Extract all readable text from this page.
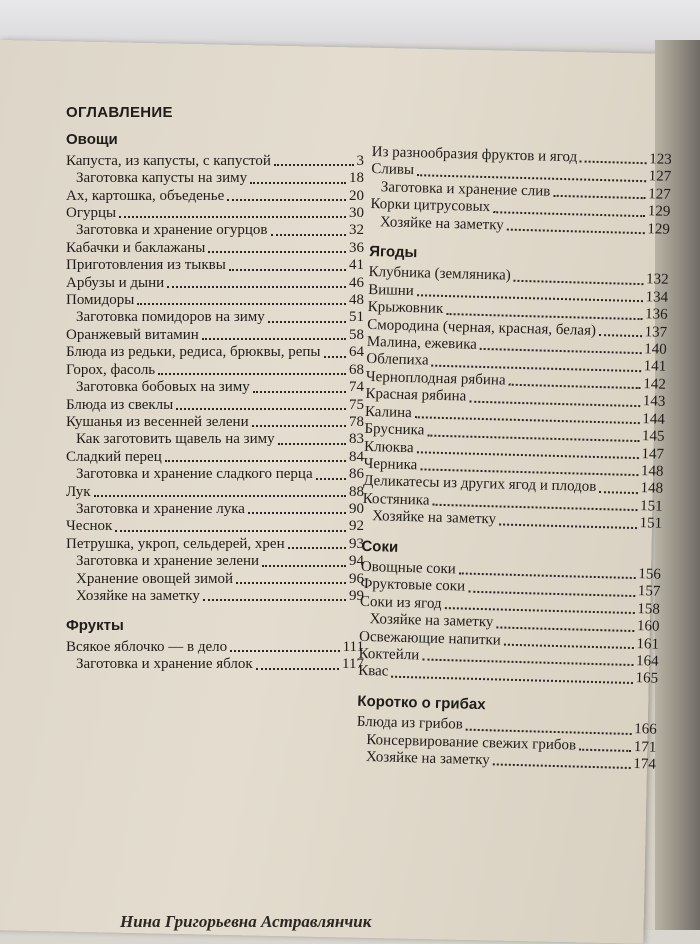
ОГЛАВЛЕНИЕ
Овощи
Капуста, из капусты, с капустой	3
Заготовка капусты на зиму	18
Ах, картошка, объеденье	20
Огурцы	30
Заготовка и хранение огурцов	32
Кабачки и баклажаны	36
Приготовления из тыквы	41
Арбузы и дыни	46
Помидоры	48
Заготовка помидоров на зиму	51
Оранжевый витамин	58
Блюда из редьки, редиса, брюквы, репы 64
Горох, фасоль	68
Заготовка бобовых на зиму	74
Блюда из свеклы	75
Кушанья из весенней зелени	78
Как заготовить щавель на зиму	83
Сладкий перец	84
Заготовка и хранение сладкого перца 86
Лук	88
Заготовка и хранение лука	90
Чеснок	92
Петрушка, укроп, сельдерей, хрен	93
Заготовка и хранение зелени	94
Хранение овощей зимой	96
Хозяйке на заметку	99
Фрукты
Всякое яблочко — в дело	111
Заготовка и хранение яблок	117
Из разнообразия фруктов и ягод	123
Сливы	127
Заготовка и хранение слив	127
Корки цитрусовых	129
Хозяйке на заметку	129
Ягоды
Клубника (земляника)	132
Вишни	134
Крыжовник	136
Смородина (черная, красная, белая)	137
Малина, ежевика	140
Облепиха	141
Черноплодная рябина	142
Красная рябина	143
Калина	144
Брусника	145
Клюква	147
Черника	148
Деликатесы из других ягод и плодов	148
Костяника	151
Хозяйке на заметку	151
Соки
Овощные соки	156
Фруктовые соки	157
Соки из ягод	158
Хозяйке на заметку	160
Освежающие напитки	161
Коктейли	164
Квас	165
Коротко о грибах
Блюда из грибов	166
Консервирование свежих грибов	171
Хозяйке на заметку	174
Нина Григорьевна Астравлянчик
